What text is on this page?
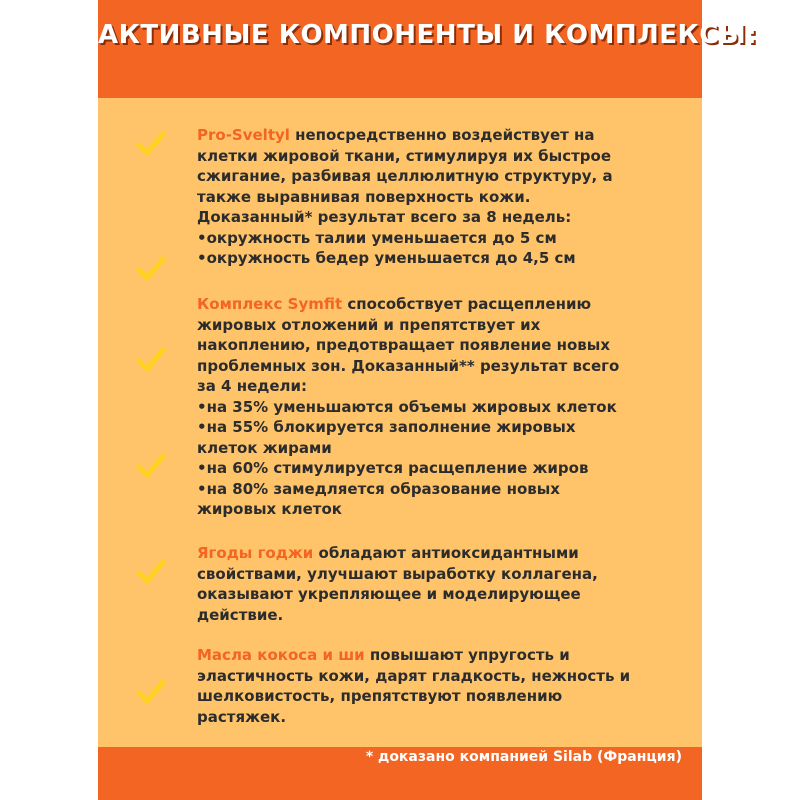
АКТИВНЫЕ КОМПОНЕНТЫ И КОМПЛЕКСЫ:
Pro-Sveltyl непосредственно воздействует на клетки жировой ткани, стимулируя их быстрое сжигание, разбивая целлюлитную структуру, а также выравнивая поверхность кожи. Доказанный* результат всего за 8 недель:
•окружность талии уменьшается до 5 см
•окружность бедер уменьшается до 4,5 см
Комплекс Symfit способствует расщеплению жировых отложений и препятствует их накоплению, предотвращает появление новых проблемных зон. Доказанный** результат всего за 4 недели:
•на 35% уменьшаются объемы жировых клеток
•на 55% блокируется заполнение жировых клеток жирами
•на 60% стимулируется расщепление жиров
•на 80% замедляется образование новых жировых клеток
Ягоды годжи обладают антиоксидантными свойствами, улучшают выработку коллагена, оказывают укрепляющее и моделирующее действие.
Масла кокоса и ши повышают упругость и эластичность кожи, дарят гладкость, нежность и шелковистость, препятствуют появлению растяжек.
* доказано компанией Silab (Франция)
